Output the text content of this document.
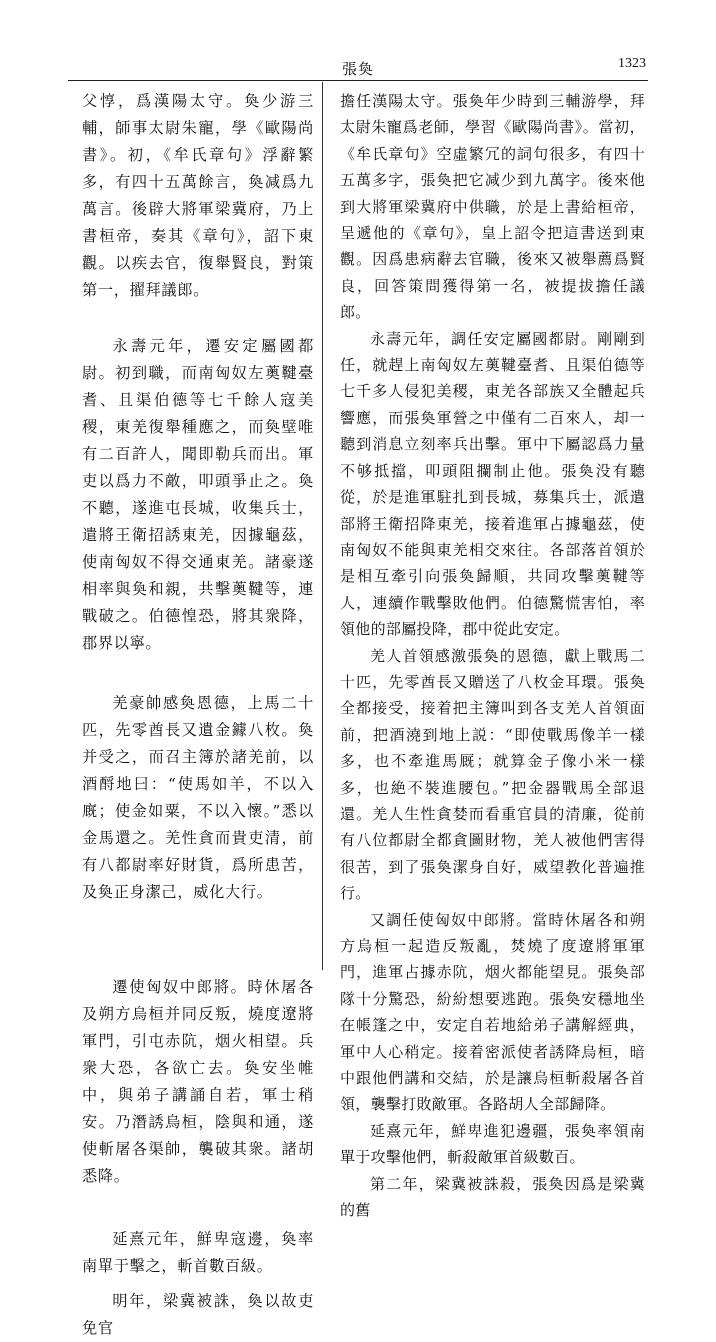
張奐	1323

父惇，爲漢陽太守。奐少游三輔，師事太尉朱寵，學《歐陽尚書》。初，《牟氏章句》浮辭繁多，有四十五萬餘言，奐减爲九萬言。後辟大將軍梁冀府，乃上書桓帝，奏其《章句》，詔下東觀。以疾去官，復舉賢良，對策第一，擢拜議郎。

永壽元年，遷安定屬國都尉。初到職，而南匈奴左薁鞬臺耆、且渠伯德等七千餘人寇美稷，東羌復舉種應之，而奐壁唯有二百許人，聞即勒兵而出。軍吏以爲力不敵，叩頭爭止之。奐不聽，遂進屯長城，收集兵士，遣將王衛招誘東羌，因據龜茲，使南匈奴不得交通東羌。諸豪遂相率與奐和親，共擊薁鞬等，連戰破之。伯德惶恐，將其衆降，郡界以寧。

羌豪帥感奐恩德，上馬二十匹，先零酋長又遺金鐻八枚。奐并受之，而召主簿於諸羌前，以酒酹地曰：“使馬如羊，不以入廐；使金如粟，不以入懷。”悉以金馬還之。羌性貪而貴吏清，前有八都尉率好財貨，爲所患苦，及奐正身潔己，威化大行。

遷使匈奴中郎將。時休屠各及朔方烏桓并同反叛，燒度遼將軍門，引屯赤阬，烟火相望。兵衆大恐，各欲亡去。奐安坐帷中，與弟子講誦自若，軍士稍安。乃潛誘烏桓，陰與和通，遂使斬屠各渠帥，襲破其衆。諸胡悉降。

延熹元年，鮮卑寇邊，奐率南單于擊之，斬首數百級。

明年，梁冀被誅，奐以故吏免官

擔任漢陽太守。張奐年少時到三輔游學，拜太尉朱寵爲老師，學習《歐陽尚書》。當初，《牟氏章句》空虛繁冗的詞句很多，有四十五萬多字，張奐把它减少到九萬字。後來他到大將軍梁冀府中供職，於是上書給桓帝，呈遞他的《章句》，皇上詔令把這書送到東觀。因爲患病辭去官職，後來又被舉薦爲賢良，回答策問獲得第一名，被提拔擔任議郎。

永壽元年，調任安定屬國都尉。剛剛到任，就趕上南匈奴左薁鞬臺耆、且渠伯德等七千多人侵犯美稷，東羌各部族又全體起兵響應，而張奐軍營之中僅有二百來人，却一聽到消息立刻率兵出擊。軍中下屬認爲力量不够抵擋，叩頭阻攔制止他。張奐没有聽從，於是進軍駐扎到長城，募集兵士，派遣部將王衛招降東羌，接着進軍占據龜茲，使南匈奴不能與東羌相交來往。各部落首領於是相互牽引向張奐歸順，共同攻擊薁鞬等人，連續作戰擊敗他們。伯德驚慌害怕，率領他的部屬投降，郡中從此安定。

羌人首領感激張奐的恩德，獻上戰馬二十匹，先零酋長又贈送了八枚金耳環。張奐全都接受，接着把主簿叫到各支羌人首領面前，把酒澆到地上説：“即使戰馬像羊一樣多，也不牽進馬厩；就算金子像小米一樣多，也絶不裝進腰包。”把金器戰馬全部退還。羌人生性貪婪而看重官員的清廉，從前有八位都尉全都貪圖財物，羌人被他們害得很苦，到了張奐潔身自好，威望教化普遍推行。

又調任使匈奴中郎將。當時休屠各和朔方烏桓一起造反叛亂，焚燒了度遼將軍軍門，進軍占據赤阬，烟火都能望見。張奐部隊十分驚恐，紛紛想要逃跑。張奐安穩地坐在帳篷之中，安定自若地給弟子講解經典，軍中人心稍定。接着密派使者誘降烏桓，暗中跟他們講和交結，於是讓烏桓斬殺屠各首領，襲擊打敗敵軍。各路胡人全部歸降。

延熹元年，鮮卑進犯邊疆，張奐率領南單于攻擊他們，斬殺敵軍首級數百。

第二年，梁冀被誅殺，張奐因爲是梁冀的舊
